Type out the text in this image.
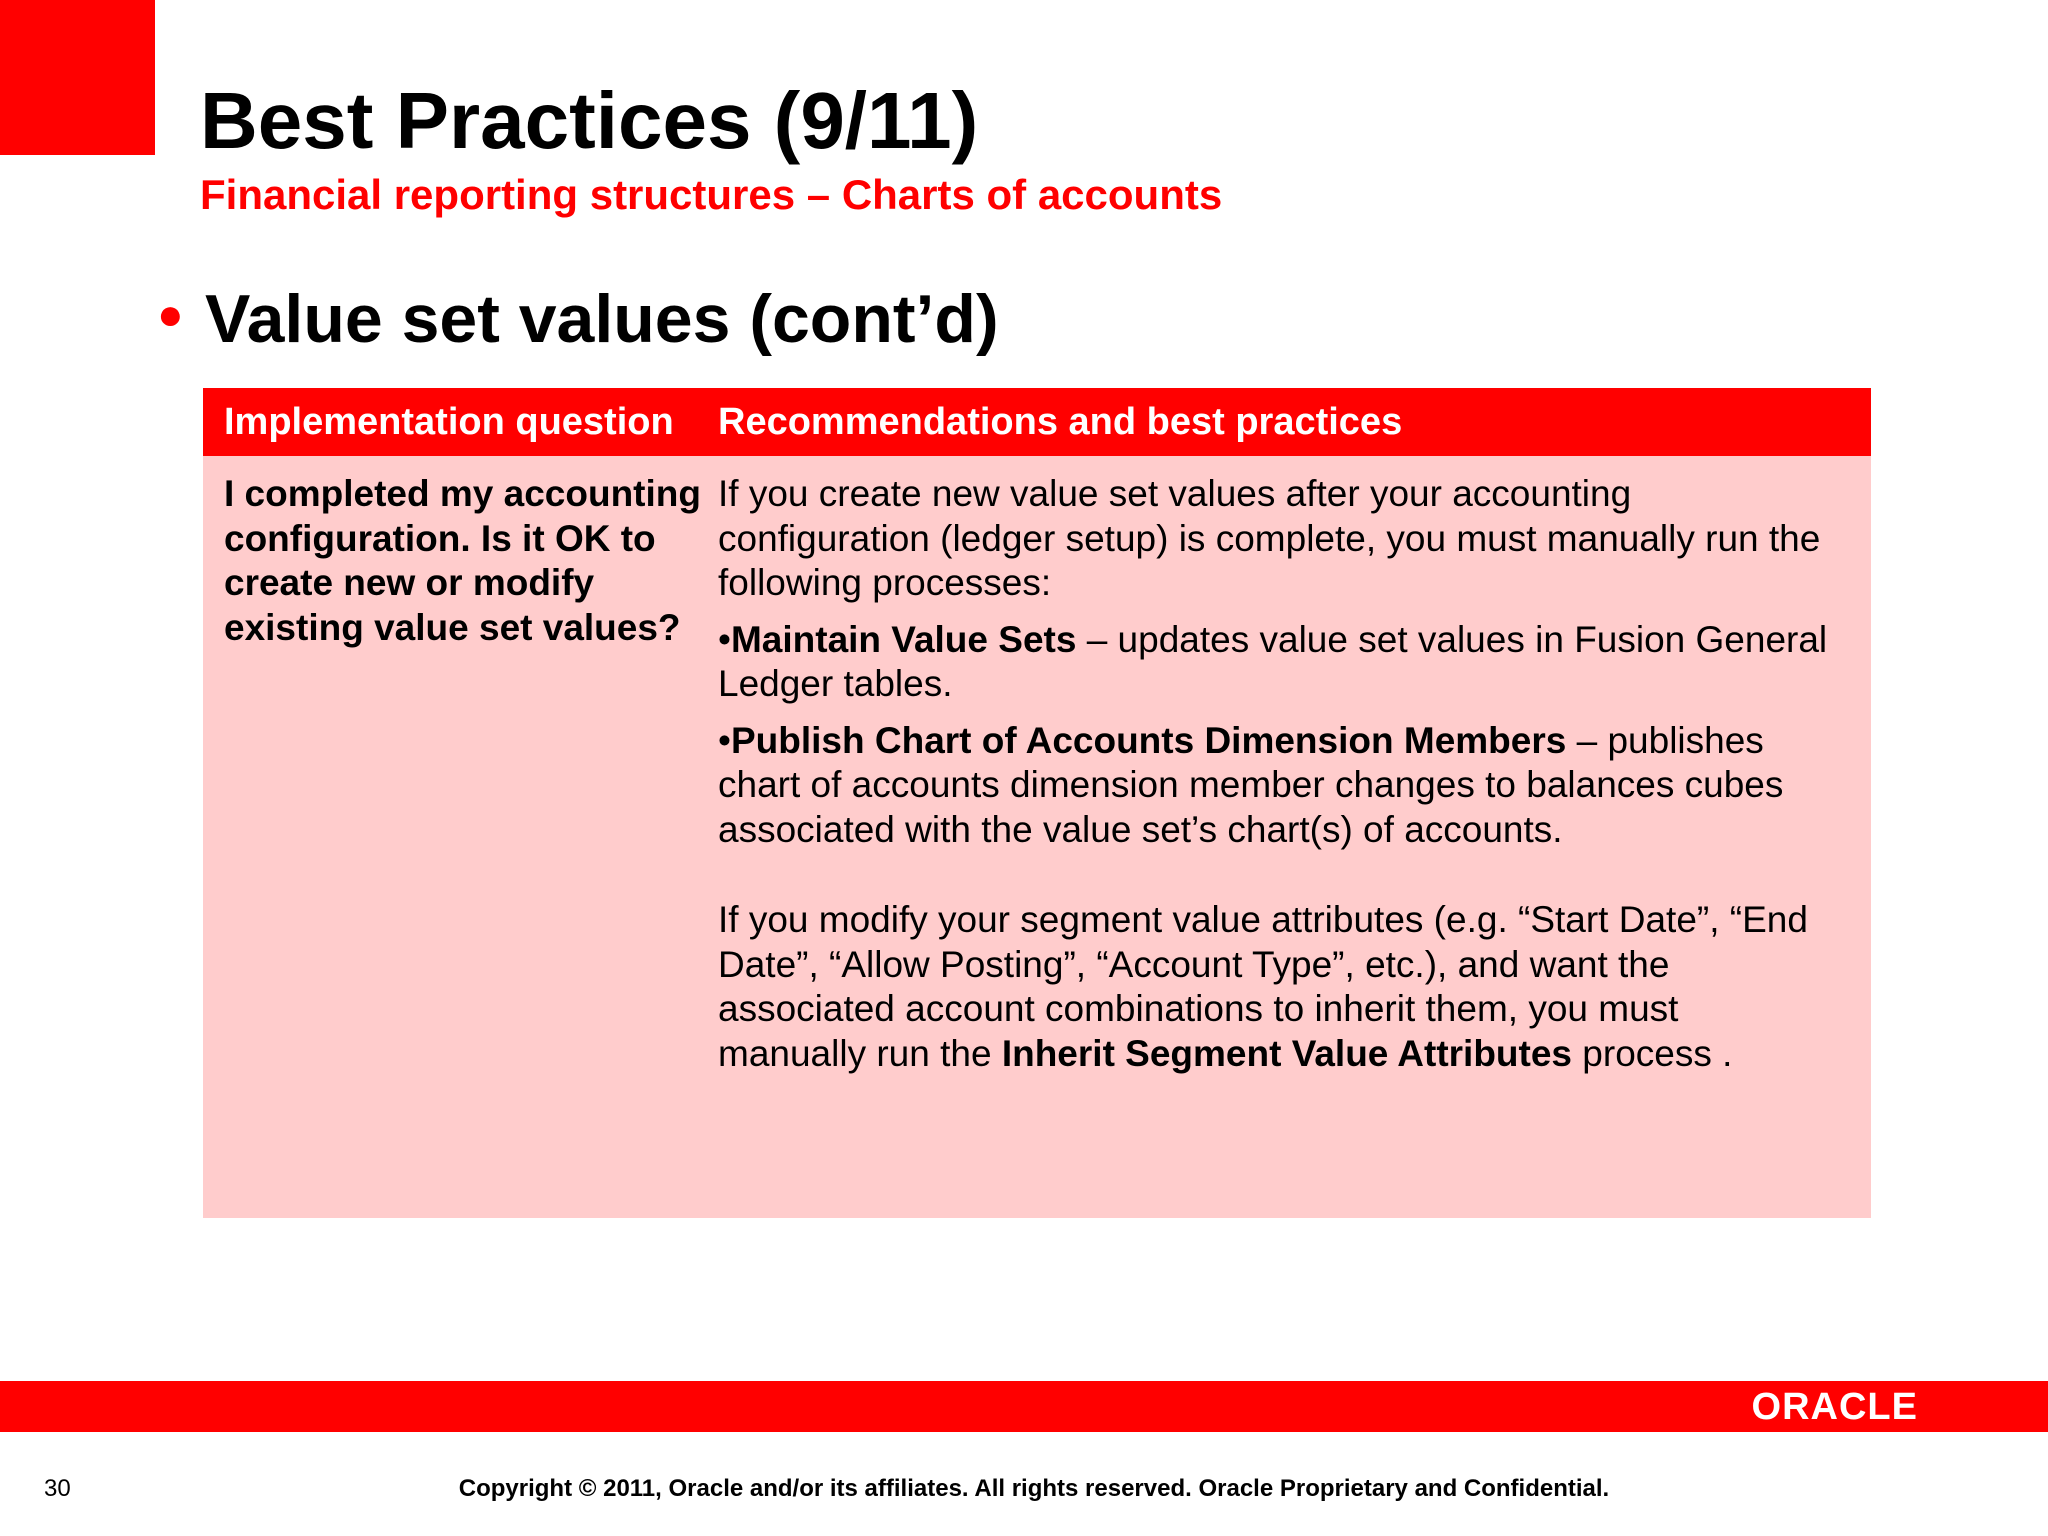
Best Practices (9/11)
Financial reporting structures – Charts of accounts
● Value set values (cont’d)
Implementation question	Recommendations and best practices
I completed my accounting configuration. Is it OK to create new or modify existing value set values?

If you create new value set values after your accounting configuration (ledger setup) is complete, you must manually run the following processes:

•Maintain Value Sets – updates value set values in Fusion General Ledger tables.

•Publish Chart of Accounts Dimension Members – publishes chart of accounts dimension member changes to balances cubes associated with the value set’s chart(s) of accounts.

If you modify your segment value attributes (e.g. “Start Date”, “End Date”, “Allow Posting”, “Account Type”, etc.), and want the associated account combinations to inherit them, you must manually run the Inherit Segment Value Attributes process .

ORACLE
30	Copyright © 2011, Oracle and/or its affiliates. All rights reserved. Oracle Proprietary and Confidential.
